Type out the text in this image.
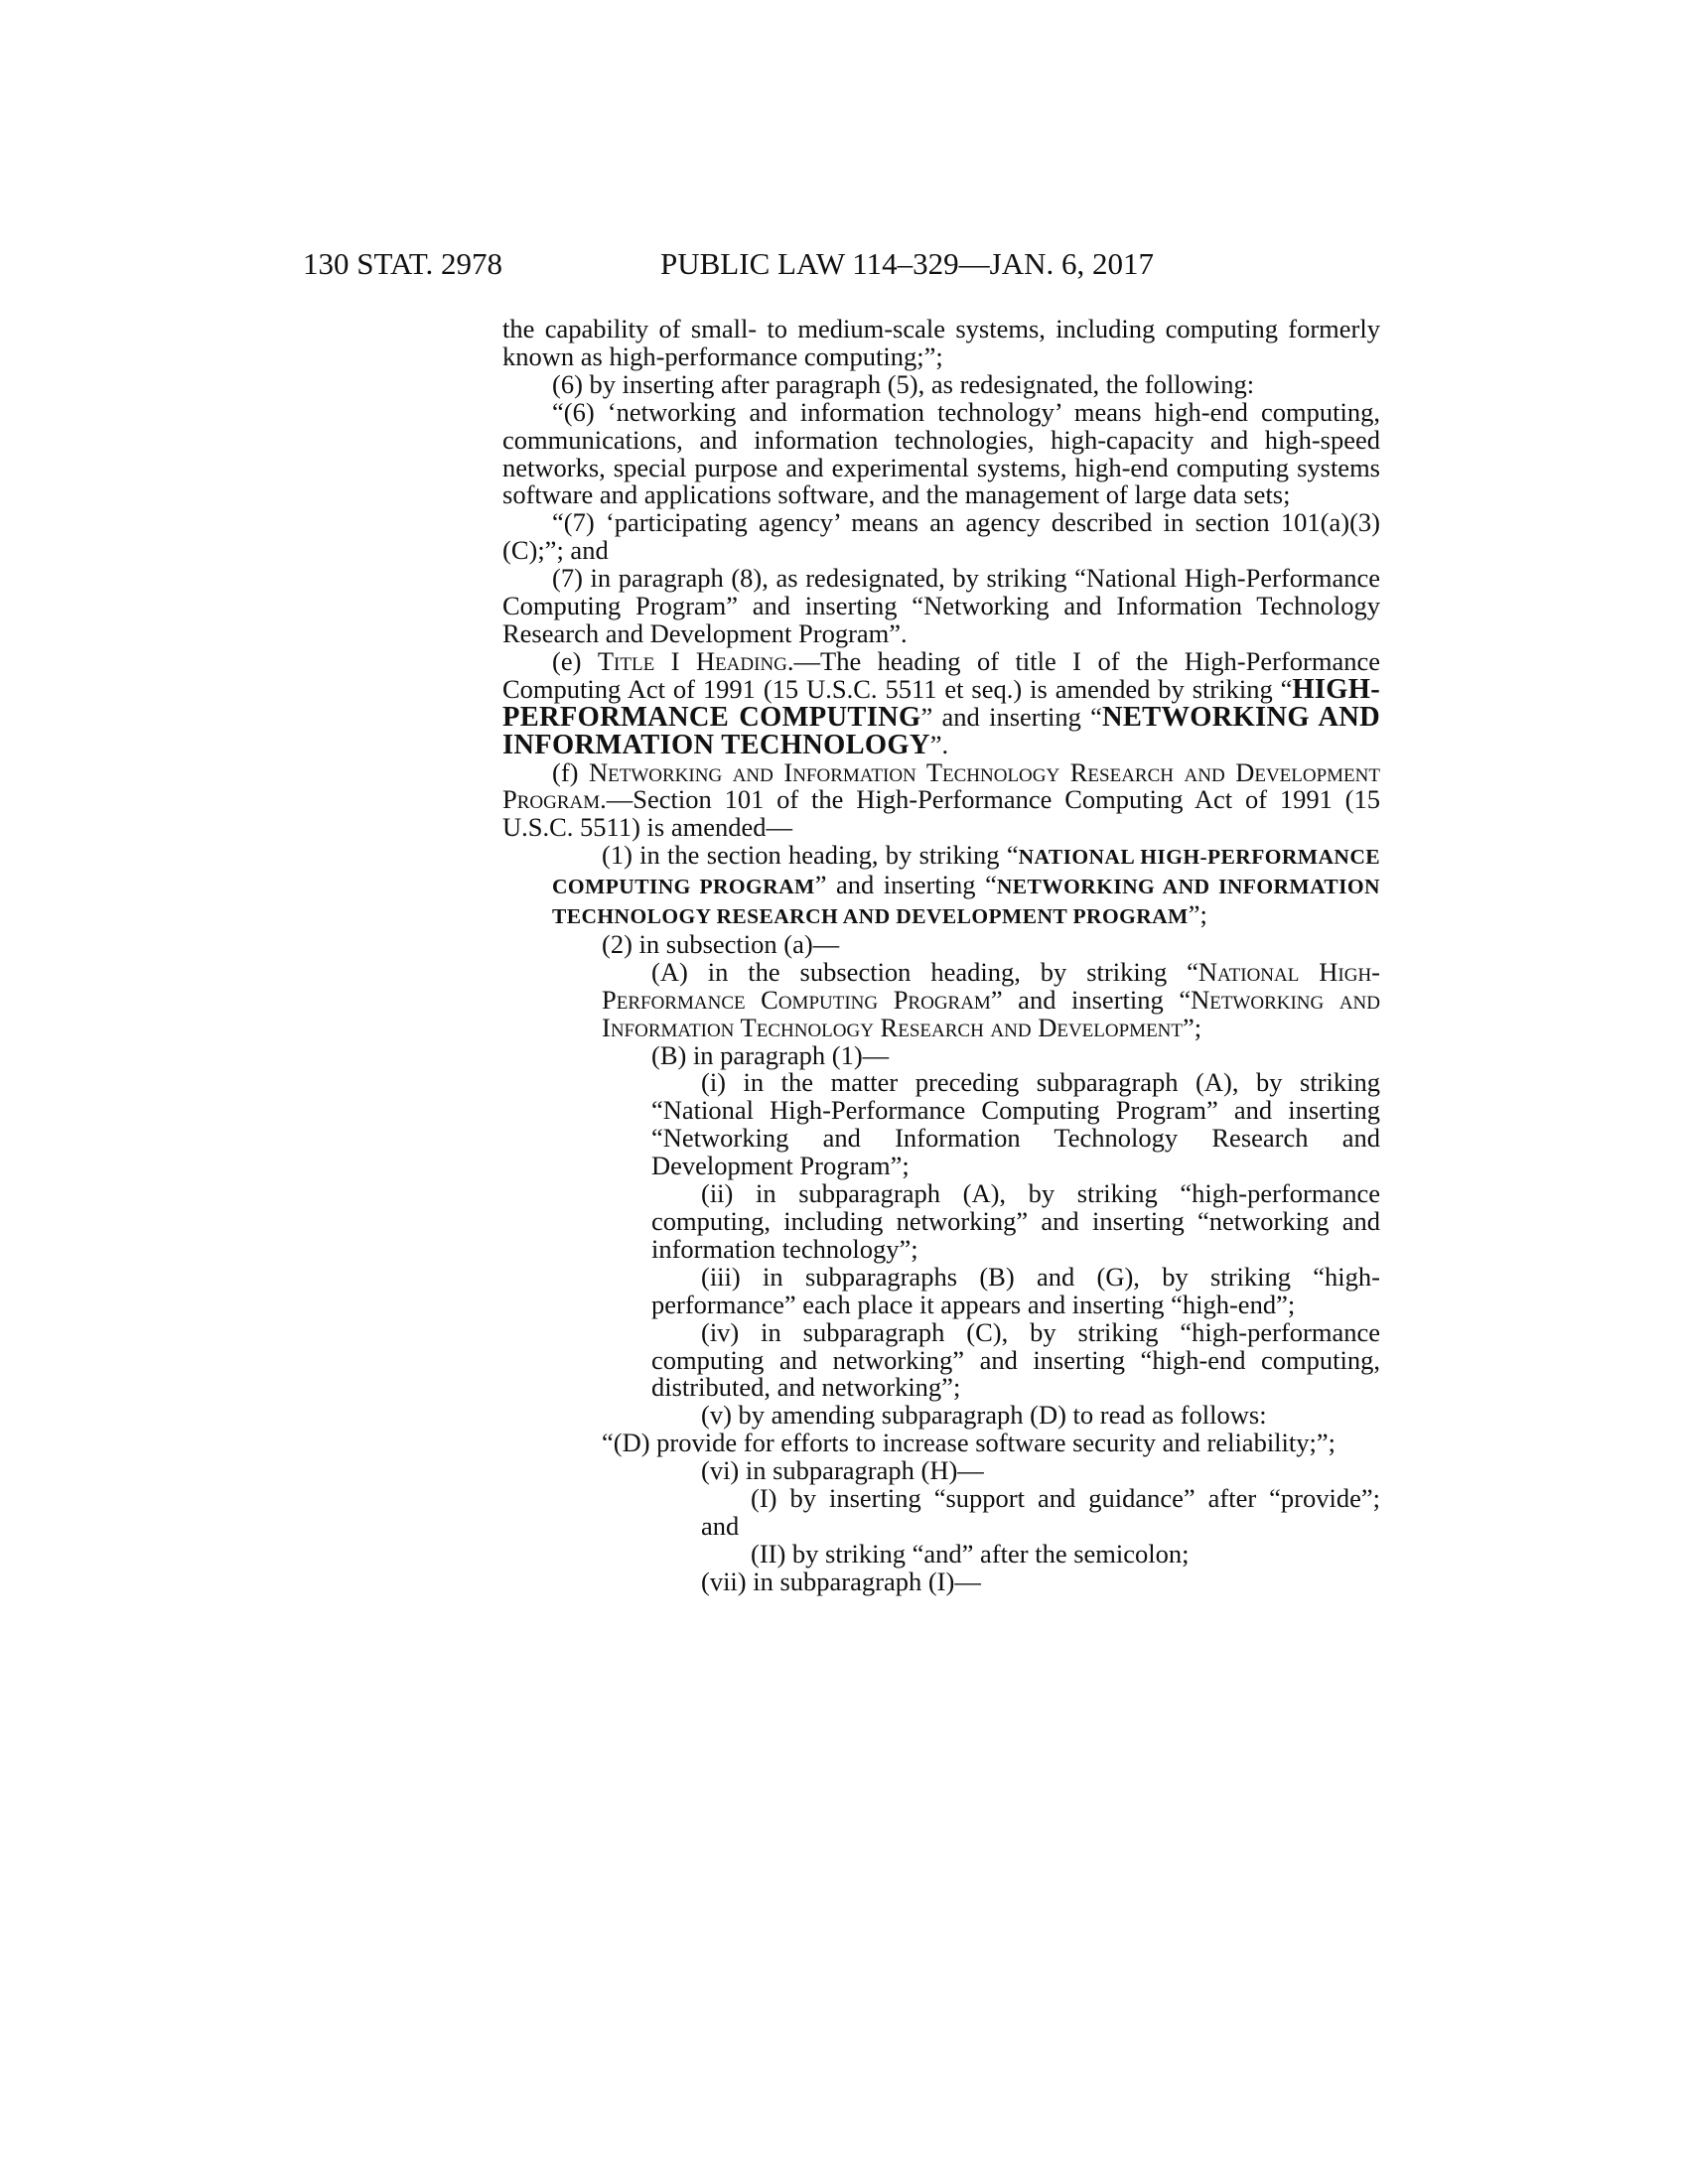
130 STAT. 2978	PUBLIC LAW 114–329—JAN. 6, 2017

the capability of small- to medium-scale systems, including computing formerly known as high-performance computing;”;

(6) by inserting after paragraph (5), as redesignated, the following:

“(6) ‘networking and information technology’ means high-end computing, communications, and information technologies, high-capacity and high-speed networks, special purpose and experimental systems, high-end computing systems software and applications software, and the management of large data sets;

“(7) ‘participating agency’ means an agency described in section 101(a)(3)(C);”; and

(7) in paragraph (8), as redesignated, by striking “National High-Performance Computing Program” and inserting “Networking and Information Technology Research and Development Program”.

(e) Title I Heading.—The heading of title I of the High-Performance Computing Act of 1991 (15 U.S.C. 5511 et seq.) is amended by striking “HIGH-PERFORMANCE COMPUTING” and inserting “NETWORKING AND INFORMATION TECHNOLOGY”.

(f) Networking and Information Technology Research and Development Program.—Section 101 of the High-Performance Computing Act of 1991 (15 U.S.C. 5511) is amended—

(1) in the section heading, by striking “NATIONAL HIGH-PERFORMANCE COMPUTING PROGRAM” and inserting “NETWORKING AND INFORMATION TECHNOLOGY RESEARCH AND DEVELOPMENT PROGRAM”;

(2) in subsection (a)—

(A) in the subsection heading, by striking “National High-Performance Computing Program” and inserting “Networking and Information Technology Research and Development”;

(B) in paragraph (1)—

(i) in the matter preceding subparagraph (A), by striking “National High-Performance Computing Program” and inserting “Networking and Information Technology Research and Development Program”;

(ii) in subparagraph (A), by striking “high-performance computing, including networking” and inserting “networking and information technology”;

(iii) in subparagraphs (B) and (G), by striking “high-performance” each place it appears and inserting “high-end”;

(iv) in subparagraph (C), by striking “high-performance computing and networking” and inserting “high-end computing, distributed, and networking”;

(v) by amending subparagraph (D) to read as follows:

“(D) provide for efforts to increase software security and reliability;”;

(vi) in subparagraph (H)—

(I) by inserting “support and guidance” after “provide”; and

(II) by striking “and” after the semicolon;

(vii) in subparagraph (I)—
